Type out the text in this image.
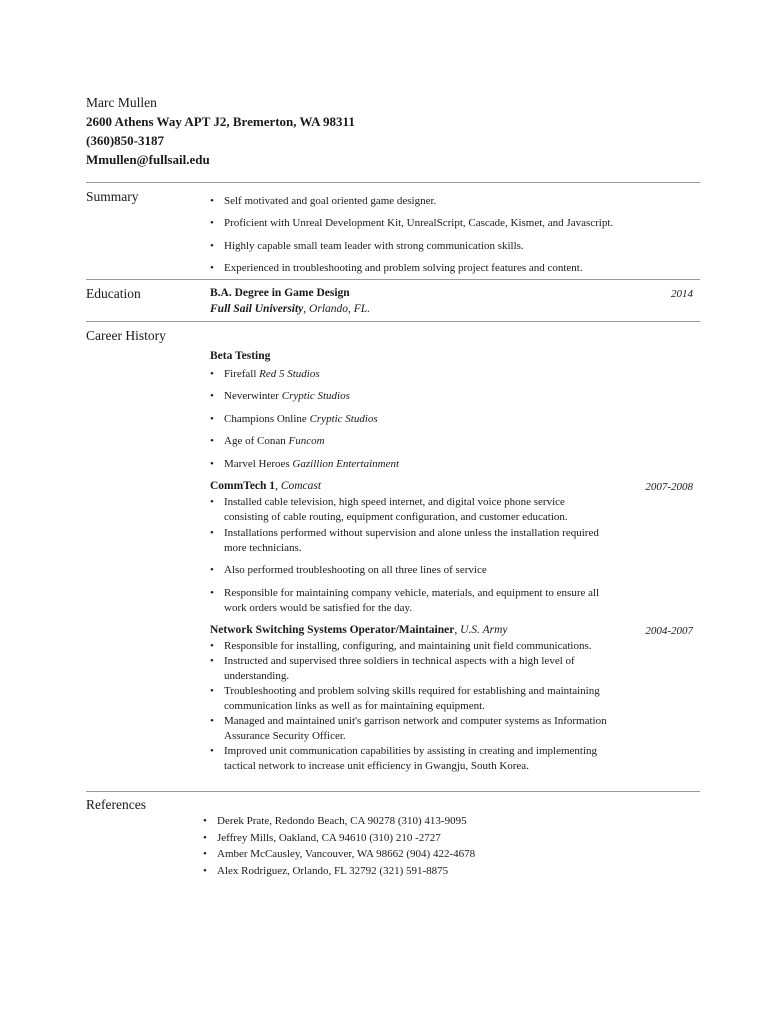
Marc Mullen
2600 Athens Way APT J2, Bremerton, WA 98311
(360)850-3187
Mmullen@fullsail.edu
Summary
•	Self motivated and goal oriented game designer.
• Proficient with Unreal Development Kit, UnrealScript, Cascade, Kismet, and Javascript.
• Highly capable small team leader with strong communication skills.
• Experienced in troubleshooting and problem solving project features and content.
Education	B.A. Degree in Game Design
Full Sail University, Orlando, FL.
2014
Career History
Beta Testing
• Firefall Red 5 Studios
• Neverwinter Cryptic Studios
• Champions Online Cryptic Studios
• Age of Conan Funcom
• Marvel Heroes Gazillion Entertainment
CommTech 1, Comcast	2007-2008
• Installed cable television, high speed internet, and digital voice phone service consisting of cable routing, equipment configuration, and customer education.
• Installations performed without supervision and alone unless the installation required more technicians.
• Also performed troubleshooting on all three lines of service
• Responsible for maintaining company vehicle, materials, and equipment to ensure all work orders would be satisfied for the day.
Network Switching Systems Operator/Maintainer, U.S. Army	2004-2007
• Responsible for installing, configuring, and maintaining unit field communications.
• Instructed and supervised three soldiers in technical aspects with a high level of understanding.
• Troubleshooting and problem solving skills required for establishing and maintaining communication links as well as for maintaining equipment.
• Managed and maintained unit's garrison network and computer systems as Information Assurance Security Officer.
• Improved unit communication capabilities by assisting in creating and implementing tactical network to increase unit efficiency in Gwangju, South Korea.
References
• Derek Prate, Redondo Beach, CA 90278 (310) 413-9095
• Jeffrey Mills, Oakland, CA 94610 (310) 210 -2727
• Amber McCausley, Vancouver, WA 98662 (904) 422-4678
• Alex Rodriguez, Orlando, FL 32792 (321) 591-8875
